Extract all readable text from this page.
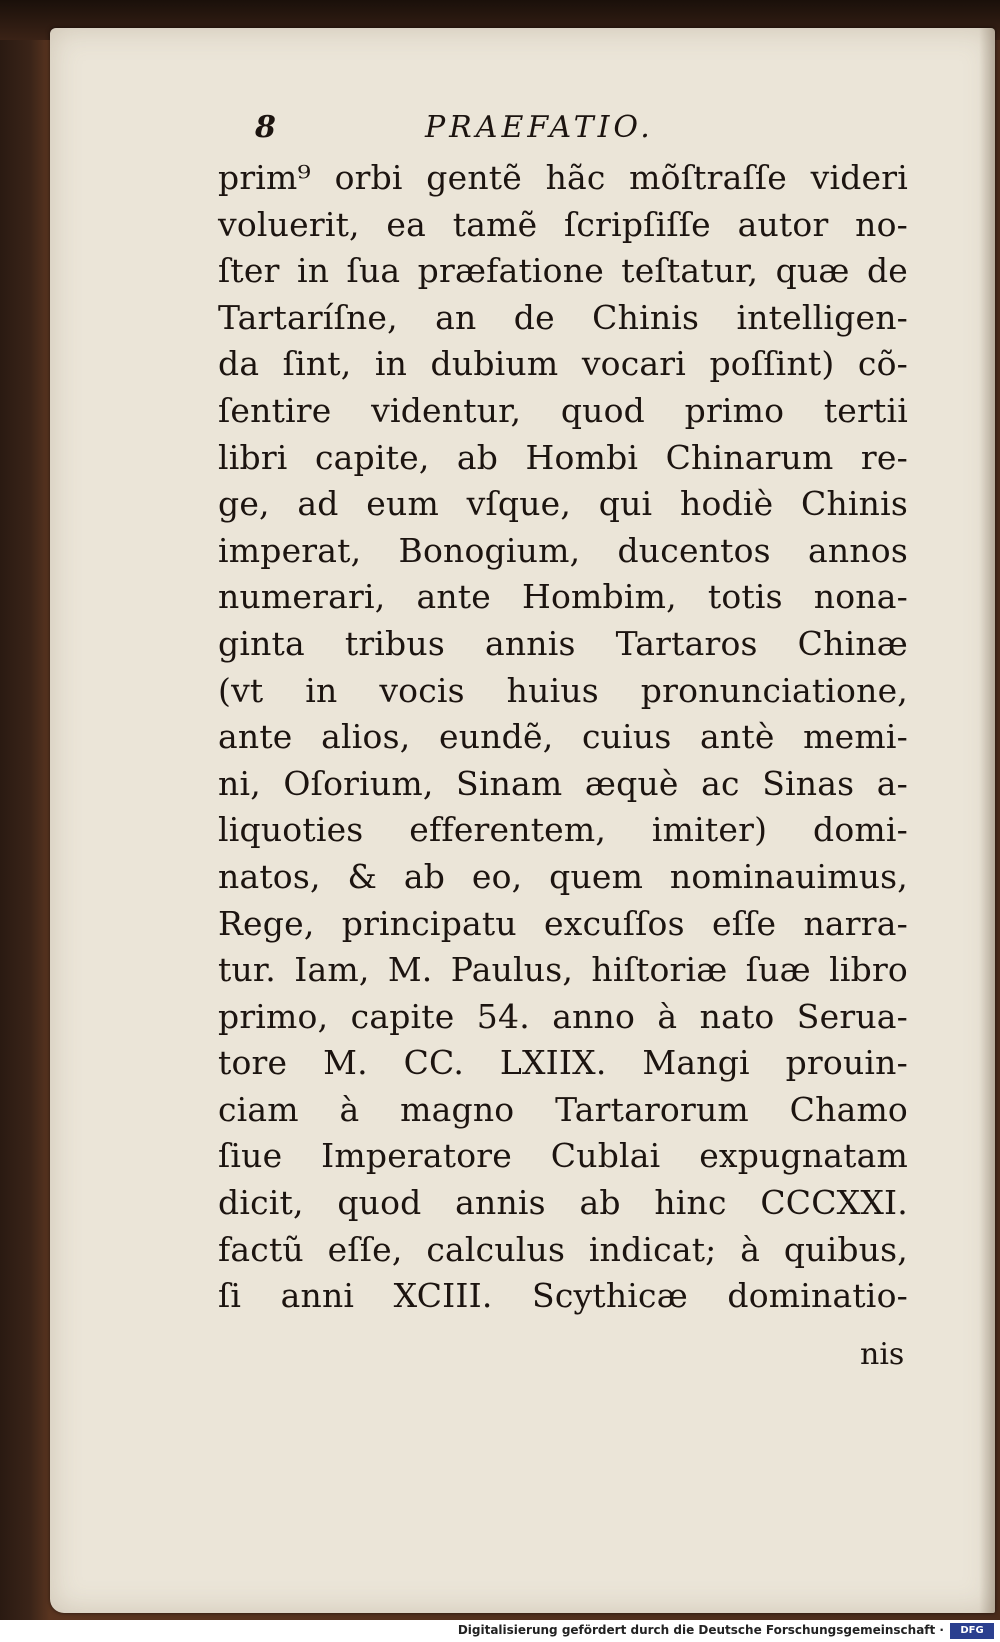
8	PRAEFATIO.
prim⁹ orbi gentẽ hãc mõſtraſſe videri
voluerit, ea tamẽ ſcripſiſſe autor no-
ſter in ſua præfatione teſtatur, quæ de
Tartaríſne, an de Chinis intelligen-
da ſint, in dubium vocari poſſint) cõ-
ſentire videntur, quod primo tertii
libri capite, ab Hombi Chinarum re-
ge, ad eum vſque, qui hodiè Chinis
imperat, Bonogium, ducentos annos
numerari, ante Hombim, totis nona-
ginta tribus annis Tartaros Chinæ
(vt in vocis huius pronunciatione,
ante alios, eundẽ, cuius antè memi-
ni, Oſorium, Sinam æquè ac Sinas a-
liquoties efferentem, imiter) domi-
natos, & ab eo, quem nominauimus,
Rege, principatu excuſſos eſſe narra-
tur. Iam, M. Paulus, hiſtoriæ ſuæ libro
primo, capite 54. anno à nato Serua-
tore M. CC. LXIIX. Mangi prouin-
ciam à magno Tartarorum Chamo
ſiue Imperatore Cublai expugnatam
dicit, quod annis ab hinc CCCXXI.
factũ eſſe, calculus indicat; à quibus,
ſi anni XCIII. Scythicæ dominatio-
nis
Digitalisierung gefördert durch die Deutsche Forschungsgemeinschaft ·	DFG
